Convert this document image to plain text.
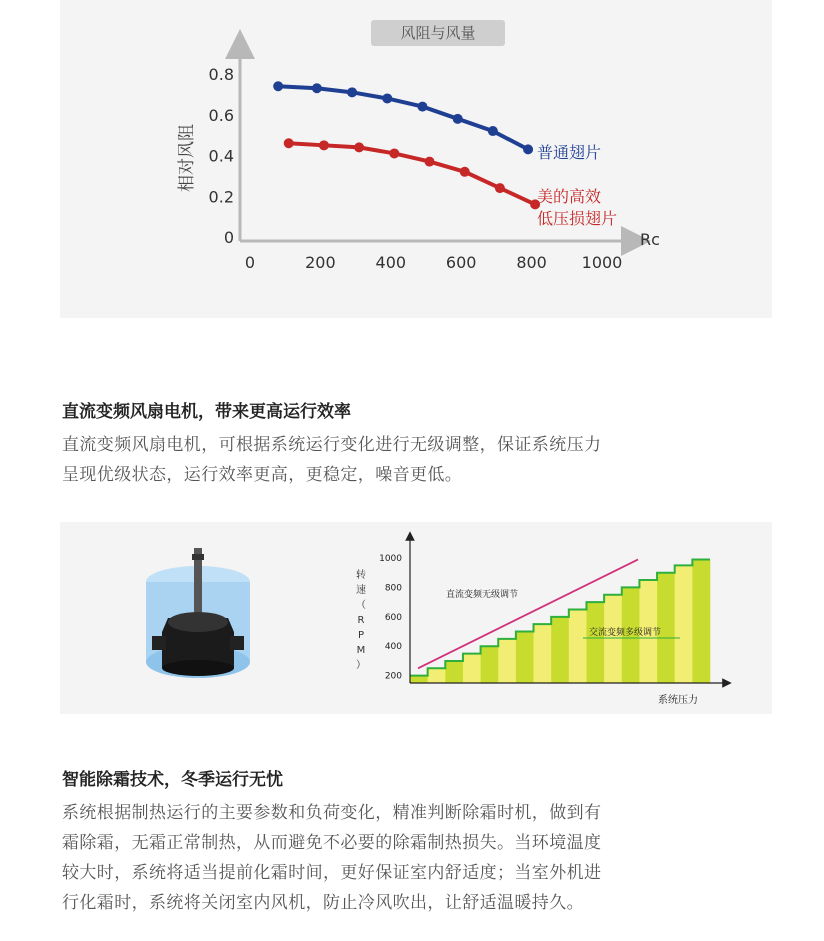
风阻与风量
相对风阻
Rc
0	200 400 600 800 1000
0
0.2
0.4
0.6
0.8
普通翅片
美的高效 低压损翅片
直流变频风扇电机，带来更高运行效率
直流变频风扇电机，可根据系统运行变化进行无级调整，保证系统压力
呈现优级状态，运行效率更高，更稳定，噪音更低。
200
400
600
800
1000
转
速
（
R
P
M
）
系统压力
直流变频无级调节
交流变频多级调节
智能除霜技术，冬季运行无忧
系统根据制热运行的主要参数和负荷变化，精准判断除霜时机，做到有
霜除霜，无霜正常制热，从而避免不必要的除霜制热损失。当环境温度
较大时，系统将适当提前化霜时间，更好保证室内舒适度；当室外机进
行化霜时，系统将关闭室内风机，防止冷风吹出，让舒适温暖持久。
